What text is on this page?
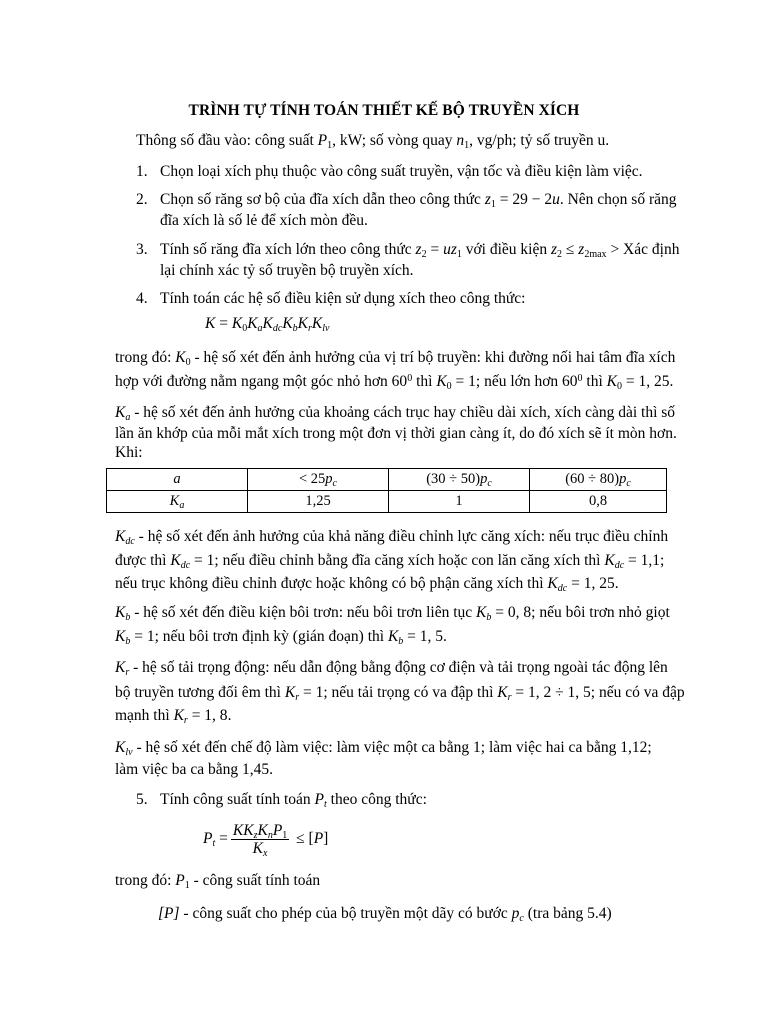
TRÌNH TỰ TÍNH TOÁN THIẾT KẾ BỘ TRUYỀN XÍCH
Thông số đầu vào: công suất $P_1$, kW; số vòng quay $n_1$, vg/ph; tỷ số truyền u.
1. Chọn loại xích phụ thuộc vào công suất truyền, vận tốc và điều kiện làm việc.
2. Chọn số răng sơ bộ của đĩa xích dẫn theo công thức $z_1 = 29 - 2u$. Nên chọn số răng
đĩa xích là số lẻ để xích mòn đều.
3. Tính số răng đĩa xích lớn theo công thức $z_2 = uz_1$ với điều kiện $z_2 \le z_{2max}$ > Xác định
lại chính xác tỷ số truyền bộ truyền xích.
4. Tính toán các hệ số điều kiện sử dụng xích theo công thức:
$K = K_0K_aK_{dc}K_bK_rK_{lv}$
trong đó: $K_0$ - hệ số xét đến ảnh hưởng của vị trí bộ truyền: khi đường nối hai tâm đĩa xích
hợp với đường nằm ngang một góc nhỏ hơn $60^0$ thì $K_0 = 1$; nếu lớn hơn $60^0$ thì $K_0 = 1$, 25.
$K_a$ - hệ số xét đến ảnh hưởng của khoảng cách trục hay chiều dài xích, xích càng dài thì số
lần ăn khớp của mỗi mắt xích trong một đơn vị thời gian càng ít, do đó xích sẽ ít mòn hơn.
Khi:
a	< $25p_c$	$(30 \div 50)p_c$	$(60 \div 80)p_c$
$K_a$	1,25	1	0,8
$K_{dc}$ - hệ số xét đến ảnh hưởng của khả năng điều chỉnh lực căng xích: nếu trục điều chỉnh
được thì $K_{dc} = 1$; nếu điều chỉnh bằng đĩa căng xích hoặc con lăn căng xích thì $K_{dc} = 1,1$;
nếu trục không điều chỉnh được hoặc không có bộ phận căng xích thì $K_{dc} = 1$, 25.
$K_b$ - hệ số xét đến điều kiện bôi trơn: nếu bôi trơn liên tục $K_b = 0$, 8; nếu bôi trơn nhỏ giọt
$K_b = 1$; nếu bôi trơn định kỳ (gián đoạn) thì $K_b = 1$, 5.
$K_r$ - hệ số tải trọng động: nếu dẫn động bằng động cơ điện và tải trọng ngoài tác động lên
bộ truyền tương đối êm thì $K_r = 1$; nếu tải trọng có va đập thì $K_r = 1$, 2 ÷ 1, 5; nếu có va đập
mạnh thì $K_r = 1$, 8.
$K_{lv}$ - hệ số xét đến chế độ làm việc: làm việc một ca bằng 1; làm việc hai ca bằng 1,12;
làm việc ba ca bằng 1,45.
5. Tính công suất tính toán $P_t$ theo công thức:
$P_t = \frac{KK_zK_nP_1}{K_x} \le [P]$
trong đó: $P_1$ - công suất tính toán
[P] - công suất cho phép của bộ truyền một dãy có bước $p_c$ (tra bảng 5.4)
